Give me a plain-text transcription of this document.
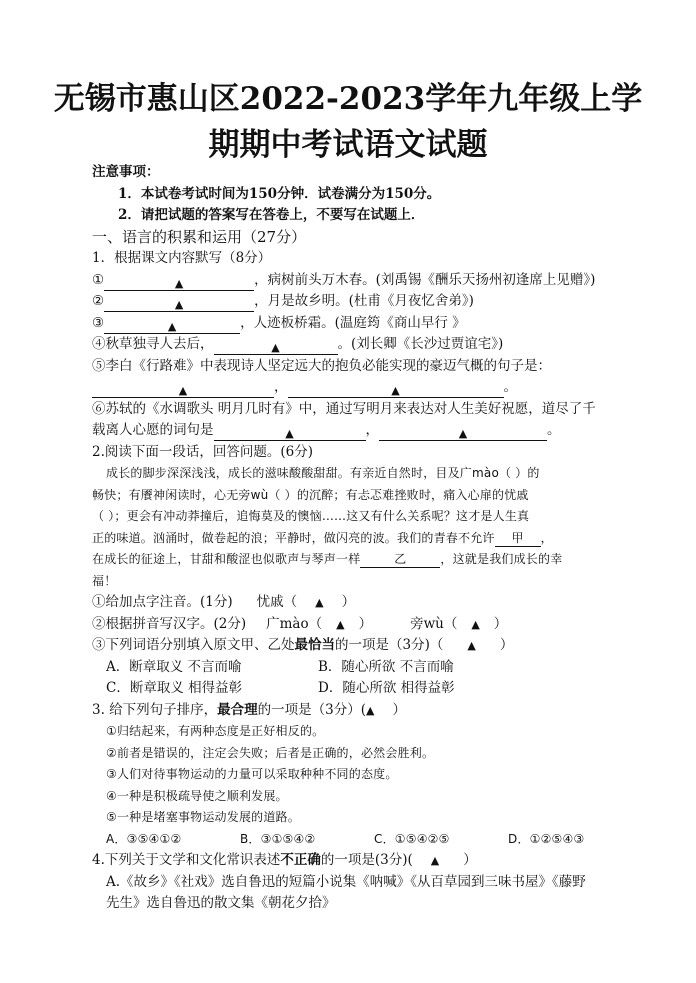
无锡市惠山区2022-2023学年九年级上学
期期中考试语文试题
注意事项：
1．本试卷考试时间为150分钟．试卷满分为150分。
2．请把试题的答案写在答卷上，不要写在试题上．
一、语言的积累和运用（27分）
1．根据课文内容默写（8分）
①	▲	，病树前头万木春。(刘禹锡《酬乐天扬州初逢席上见赠》)
②	▲	，月是故乡明。(杜甫《月夜忆舍弟》)
③	▲	，人迹板桥霜。(温庭筠《商山早行 》
④秋草独寻人去后，	▲	。(刘长卿《长沙过贾谊宅》)
⑤李白《行路难》中表现诗人坚定远大的抱负必能实现的豪迈气概的句子是：
▲	，	▲	。
⑥苏轼的《水调歌头 明月几时有》中，通过写明月来表达对人生美好祝愿，道尽了千
载离人心愿的词句是	▲	，	▲	。
2.阅读下面一段话，回答问题。(6分)
成长的脚步深深浅浅，成长的滋味酸酸甜甜。有亲近自然时，目及广màо（ ）的
畅快；有餍神闲读时，心无旁wù（ ）的沉醉；有忐忑难挫败时，痛入心扉的忧戚
（ ）；更会有冲动莽撞后，追悔莫及的懊恼……这又有什么关系呢？这才是人生真
正的味道。汹涌时，做卷起的浪；平静时，做闪亮的波。我们的青春不允许 甲 ，
在成长的征途上，甘甜和酸涩也似歌声与琴声一样	乙	，这就是我们成长的幸
福！
①给加点字注音。(1分) 忧戚（ ▲ ）
②根据拼音写汉字。(2分) 广màо（ ▲ ）	旁wù（ ▲ ）
③下列词语分别填入原文甲、乙处最恰当的一项是（3分)（ ▲ ）
A．断章取义 不言而喻	B．随心所欲 不言而喻
C．断章取义 相得益彰	D．随心所欲 相得益彰
3. 给下列句子排序，最合理的一项是（3分）(▲ ）
①归结起来，有两种态度是正好相反的。
②前者是错误的，注定会失败；后者是正确的，必然会胜利。
③人们对待事物运动的力量可以采取种种不同的态度。
④一种是积极疏导使之顺利发展。
⑤一种是堵塞事物运动发展的道路。
A．③⑤④①②	B．③①⑤④②	C．①⑤④②⑤	D．①②⑤④③
4.下列关于文学和文化常识表述不正确的一项是(3分)( ▲ ）
A.《故乡》《社戏》选自鲁迅的短篇小说集《呐喊》《从百草园到三味书屋》《藤野
先生》选自鲁迅的散文集《朝花夕拾》
